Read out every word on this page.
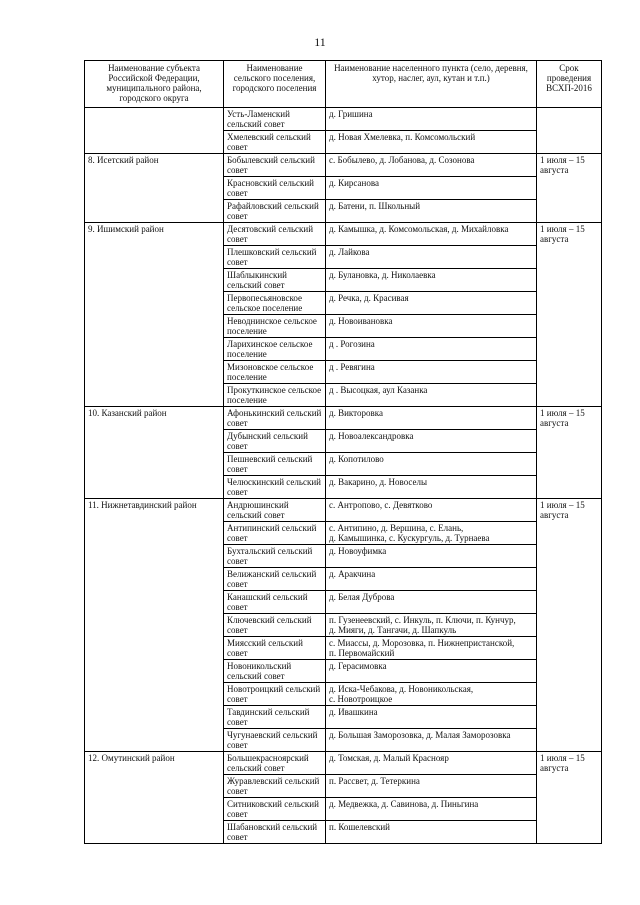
11
Наименование субъекта Российской Федерации, муниципального района, городского округа	Наименование сельского поселения, городского поселения	Наименование населенного пункта (село, деревня, хутор, наслег, аул, кутан и т.п.)	Срок проведения ВСХП-2016
	Усть-Ламенский сельский совет	д. Гришина	
	Хмелевский сельский совет	д. Новая Хмелевка, п. Комсомольский	
8. Исетский район	Бобылевский сельский совет	с. Бобылево, д. Лобанова, д. Созонова	1 июля – 15 августа
	Красновский сельский совет	д. Кирсанова	
	Рафайловский сельский совет	д. Батени, п. Школьный	
9. Ишимский район	Десятовский сельский совет	д. Камышка, д. Комсомольская, д. Михайловка	1 июля – 15 августа
	Плешковский сельский совет	д. Лайкова	
	Шаблыкинский сельский совет	д. Булановка, д. Николаевка	
	Первопесьяновское сельское поселение	д. Речка, д. Красивая	
	Неводнинское сельское поселение	д. Новоивановка	
	Ларихинское сельское поселение	д . Рогозина	
	Мизоновское сельское поселение	д . Ревягина	
	Прокуткинское сельское поселение	д . Высоцкая, аул Казанка	
10. Казанский район	Афонькинский сельский совет	д. Викторовка	1 июля – 15 августа
	Дубынский сельский совет	д. Новоалександровка	
	Пешневский сельский совет	д. Копотилово	
	Челюскинский сельский совет	д. Вакарино, д. Новоселы	
11. Нижнетавдинский район	Андрюшинский сельский совет	с. Антропово, с. Девятково	1 июля – 15 августа
	Антипинский сельский совет	с. Антипино, д. Вершина, с. Елань,
д. Камышинка, с. Кускургуль, д. Турнаева	
	Бухтальский сельский совет	д. Новоуфимка	
	Велижанский сельский совет	д. Аракчина	
	Канашский сельский совет	д. Белая Дуброва	
	Ключевский сельский совет	п. Гузенеевский, с. Инкуль, п. Ключи, п. Кунчур,
д. Мияги, д. Тангачи, д. Шапкуль	
	Миясский сельский совет	с. Миассы, д. Морозовка, п. Нижнепристанской,
п. Первомайский	
	Новоникольский сельский совет	д. Герасимовка	
	Новотроицкий сельский совет	д. Иска-Чебакова, д. Новоникольская,
с. Новотроицкое	
	Тавдинский сельский совет	д. Ивашкина	
	Чугунаевский сельский совет	д. Большая Заморозовка, д. Малая Заморозовка	
12. Омутинский район	Большекрасноярский сельский совет	д. Томская, д. Малый Краснояр	1 июля – 15 августа
	Журавлевский сельский совет	п. Рассвет, д. Тетеркина	
	Ситниковский сельский совет	д. Медвежка, д. Савинова, д. Пиньгина	
	Шабановский сельский совет	п. Кошелевский	
